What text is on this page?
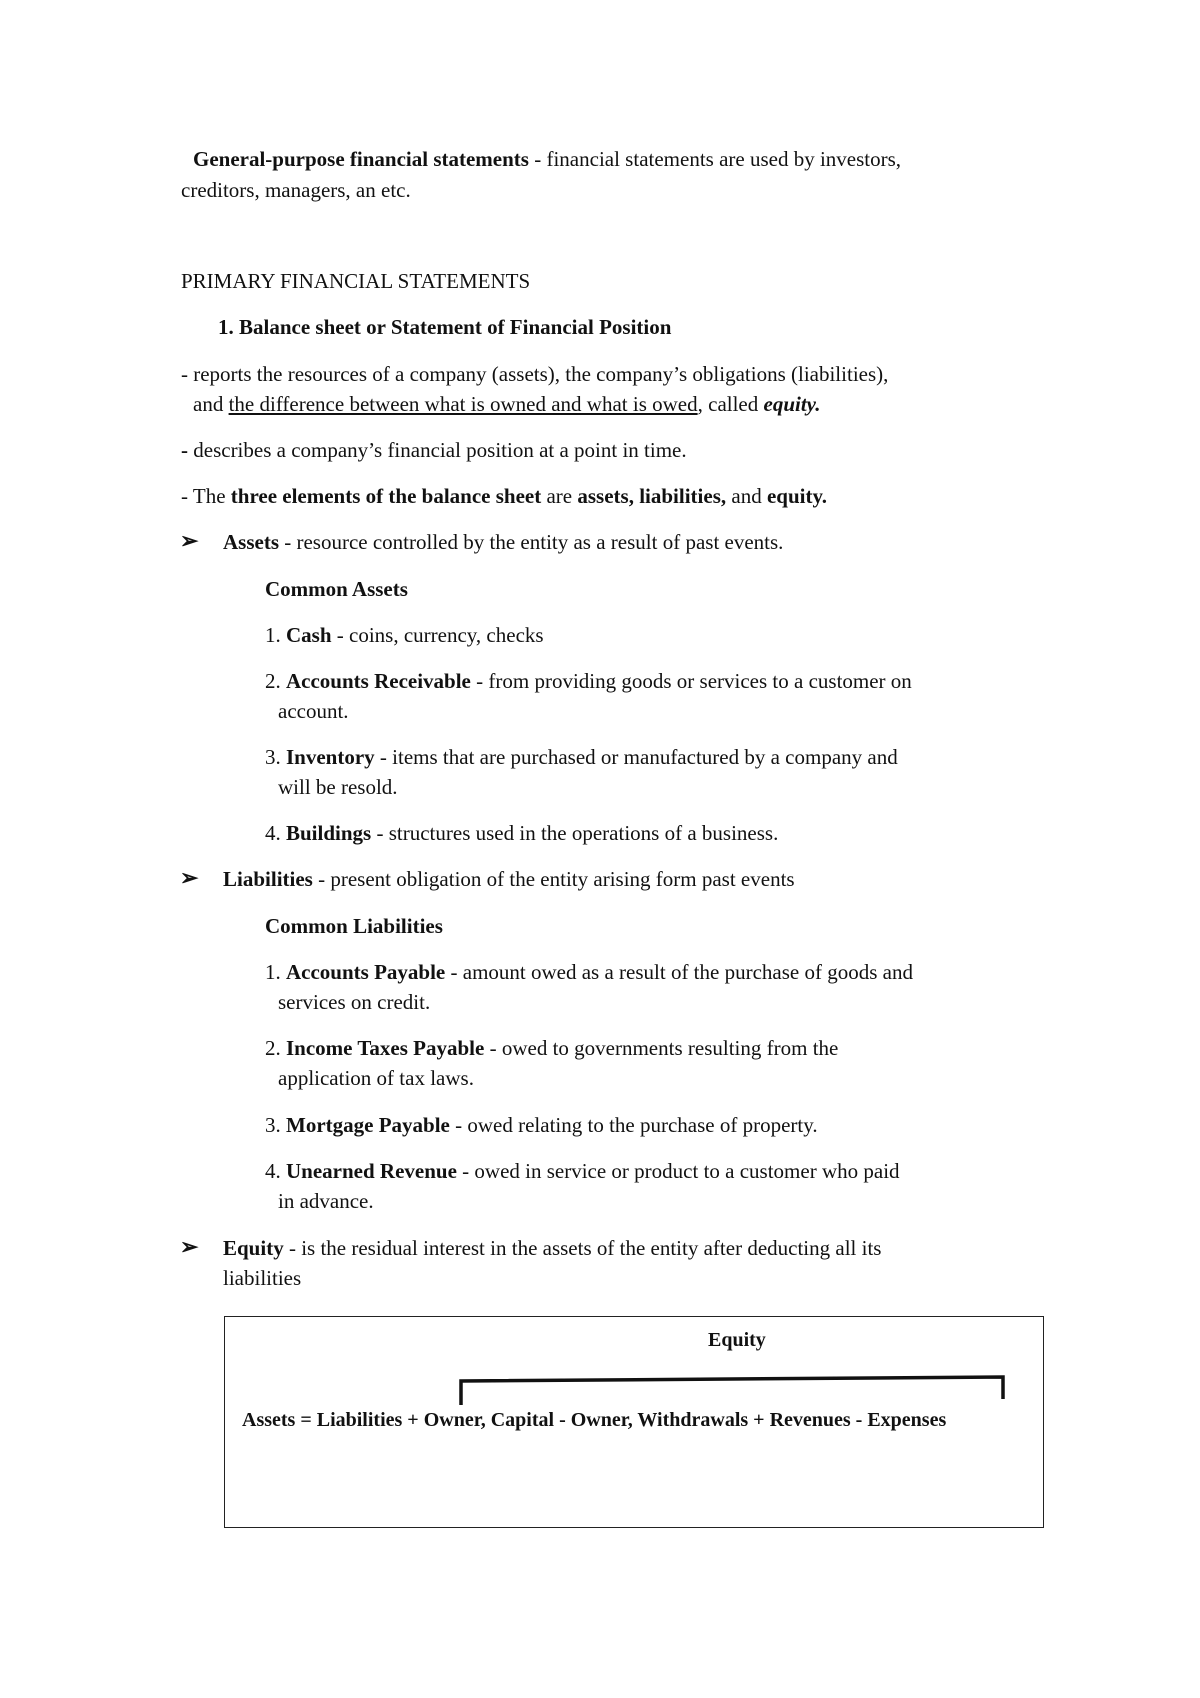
General-purpose financial statements - financial statements are used by investors,
creditors, managers, an etc.
PRIMARY FINANCIAL STATEMENTS
1. Balance sheet or Statement of Financial Position
- reports the resources of a company (assets), the company’s obligations (liabilities),
and the difference between what is owned and what is owed, called equity.
- describes a company’s financial position at a point in time.
- The three elements of the balance sheet are assets, liabilities, and equity.
➢ Assets - resource controlled by the entity as a result of past events.
Common Assets
1. Cash - coins, currency, checks
2. Accounts Receivable - from providing goods or services to a customer on
account.
3. Inventory - items that are purchased or manufactured by a company and
will be resold.
4. Buildings - structures used in the operations of a business.
➢ Liabilities - present obligation of the entity arising form past events
Common Liabilities
1. Accounts Payable - amount owed as a result of the purchase of goods and
services on credit.
2. Income Taxes Payable - owed to governments resulting from the
application of tax laws.
3. Mortgage Payable - owed relating to the purchase of property.
4. Unearned Revenue - owed in service or product to a customer who paid
in advance.
➢ Equity - is the residual interest in the assets of the entity after deducting all its
liabilities
Equity
Assets = Liabilities + Owner, Capital - Owner, Withdrawals + Revenues - Expenses
